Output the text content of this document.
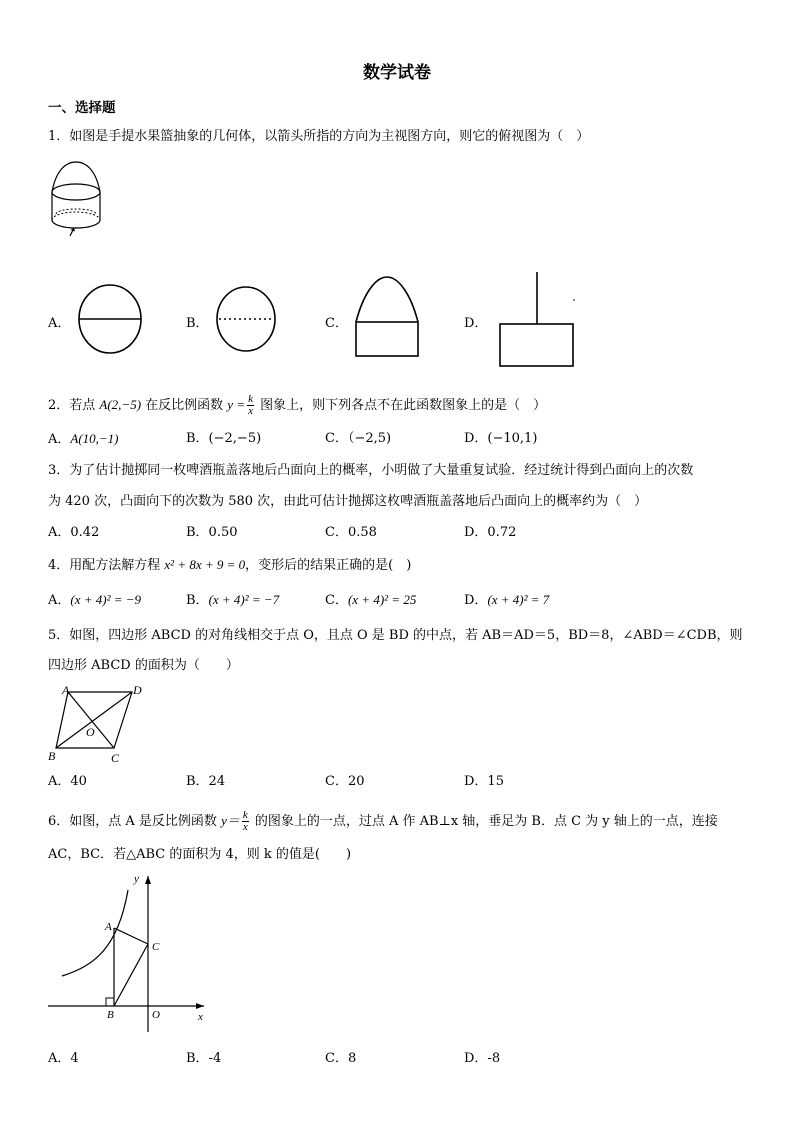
数学试卷
一、选择题
1．如图是手提水果篮抽象的几何体，以箭头所指的方向为主视图方向，则它的俯视图为（　）
A．	B．	C．	D．
2．若点 A(2,−5) 在反比例函数 $y = \frac{k}{x}$ 图象上，则下列各点不在此函数图象上的是（　）
A．A(10,−1)	B．(−2,−5)	C．（−2,5)	D．(−10,1)
3．为了估计抛掷同一枚啤酒瓶盖落地后凸面向上的概率，小明做了大量重复试验．经过统计得到凸面向上的次数
为 420 次，凸面向下的次数为 580 次，由此可估计抛掷这枚啤酒瓶盖落地后凸面向上的概率约为（　）
A．0.42	B．0.50	C．0.58	D．0.72
4．用配方法解方程 x² + 8x + 9 = 0，变形后的结果正确的是(　)
A．(x + 4)² = −9	B．(x + 4)² = −7	C．(x + 4)² = 25	D．(x + 4)² = 7
5．如图，四边形 ABCD 的对角线相交于点 O，且点 O 是 BD 的中点，若 AB＝AD＝5，BD＝8，∠ABD＝∠CDB，则
四边形 ABCD 的面积为（　　）
A	D
O
B	C
A．40	B．24	C．20	D．15
6．如图，点 A 是反比例函数 $y= \frac{k}{x}$ 的图象上的一点，过点 A 作 AB⊥x 轴，垂足为 B．点 C 为 y 轴上的一点，连接
AC，BC．若△ABC 的面积为 4，则 k 的值是(　　)
y
A
C
B	O	x
A．4	B．-4	C．8	D．-8
